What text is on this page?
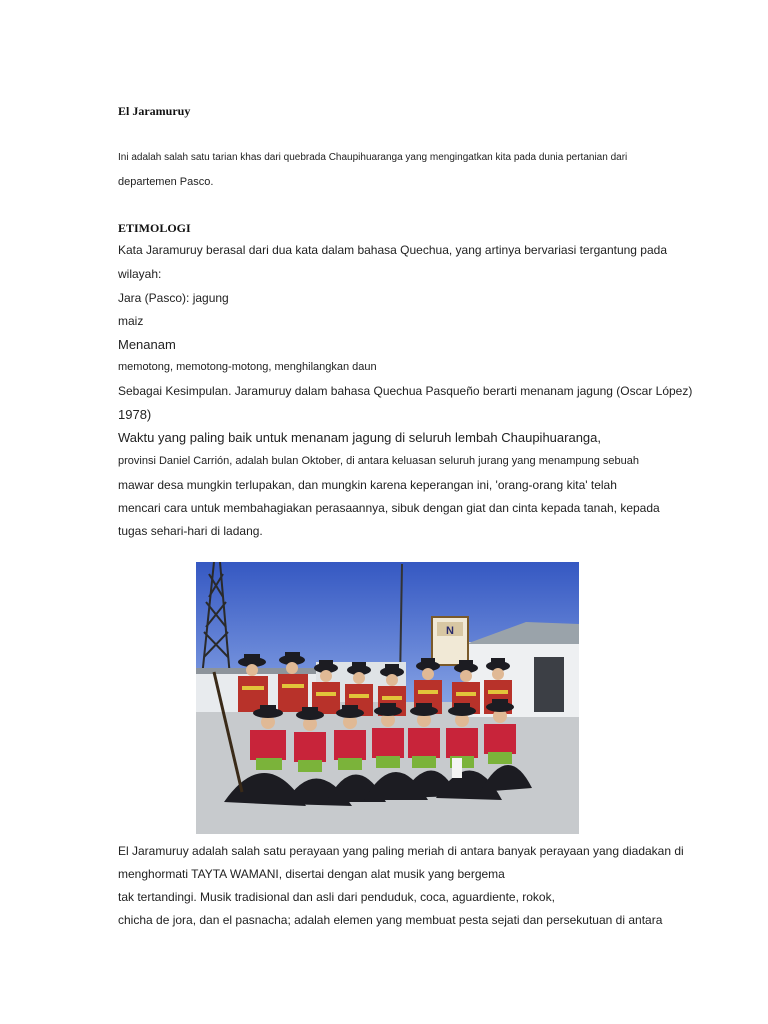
El Jaramuruy
Ini adalah salah satu tarian khas dari quebrada Chaupihuaranga yang mengingatkan kita pada dunia pertanian dari
departemen Pasco.
ETIMOLOGI
Kata Jaramuruy berasal dari dua kata dalam bahasa Quechua, yang artinya bervariasi tergantung pada
wilayah:
Jara (Pasco): jagung
maiz
Menanam
memotong, memotong-motong, menghilangkan daun
Sebagai Kesimpulan. Jaramuruy dalam bahasa Quechua Pasqueño berarti menanam jagung (Oscar López)
1978)
Waktu yang paling baik untuk menanam jagung di seluruh lembah Chaupihuaranga,
provinsi Daniel Carrión, adalah bulan Oktober, di antara keluasan seluruh jurang yang menampung sebuah
mawar desa mungkin terlupakan, dan mungkin karena keperangan ini, 'orang-orang kita' telah
mencari cara untuk membahagiakan perasaannya, sibuk dengan giat dan cinta kepada tanah, kepada
tugas sehari-hari di ladang.
N
El Jaramuruy adalah salah satu perayaan yang paling meriah di antara banyak perayaan yang diadakan di
menghormati TAYTA WAMANI, disertai dengan alat musik yang bergema
tak tertandingi. Musik tradisional dan asli dari penduduk, coca, aguardiente, rokok,
chicha de jora, dan el pasnacha; adalah elemen yang membuat pesta sejati dan persekutuan di antara
